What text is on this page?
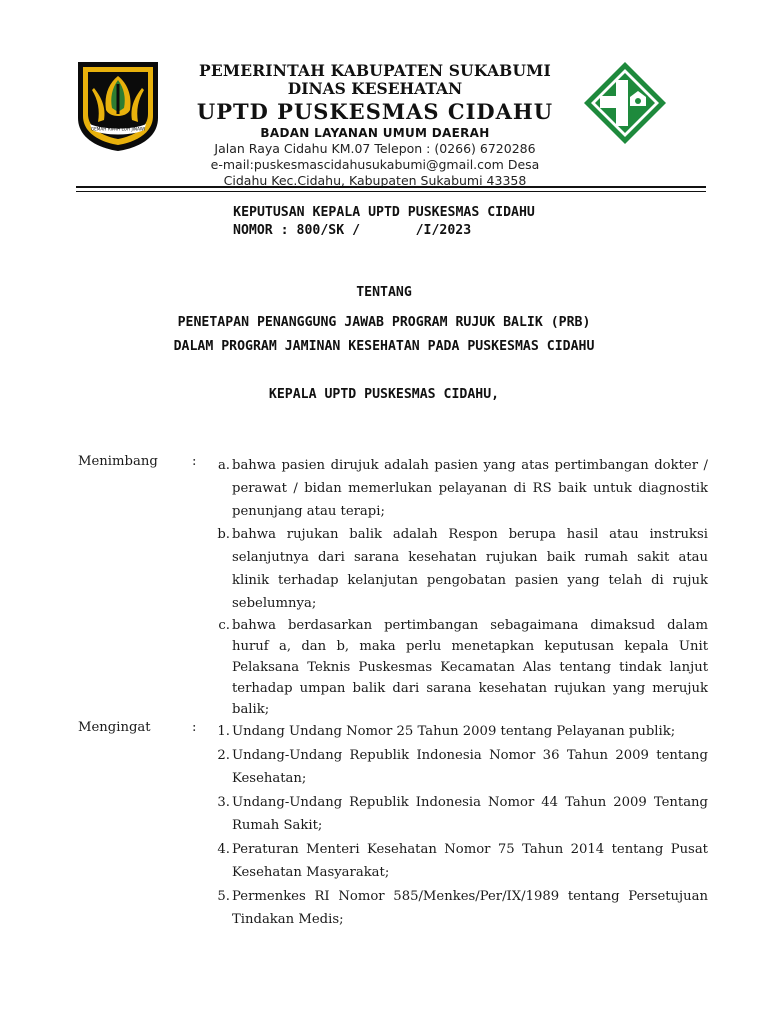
GEMAH RIPAH LOH JINAWI
PEMERINTAH KABUPATEN SUKABUMI
DINAS KESEHATAN
UPTD PUSKESMAS CIDAHU
BADAN LAYANAN UMUM DAERAH
Jalan Raya Cidahu KM.07 Telepon : (0266) 6720286
e-mail:puskesmascidahusukabumi@gmail.com Desa
Cidahu Kec.Cidahu, Kabupaten Sukabumi 43358
KEPUTUSAN KEPALA UPTD PUSKESMAS CIDAHU
NOMOR : 800/SK /       /I/2023
TENTANG
PENETAPAN PENANGGUNG JAWAB PROGRAM RUJUK BALIK (PRB)
DALAM PROGRAM JAMINAN KESEHATAN PADA PUSKESMAS CIDAHU
KEPALA UPTD PUSKESMAS CIDAHU,
Menimbang	:	a. bahwa pasien dirujuk adalah pasien yang atas pertimbangan dokter / perawat / bidan memerlukan pelayanan di RS baik untuk diagnostik penunjang atau terapi;
b. bahwa rujukan balik adalah Respon berupa hasil atau instruksi selanjutnya dari sarana kesehatan rujukan baik rumah sakit atau klinik terhadap kelanjutan pengobatan pasien yang telah di rujuk sebelumnya;
c. bahwa berdasarkan pertimbangan sebagaimana dimaksud dalam huruf a, dan b, maka perlu menetapkan keputusan kepala Unit Pelaksana Teknis Puskesmas Kecamatan Alas tentang tindak lanjut terhadap umpan balik dari sarana kesehatan rujukan yang merujuk balik;
Mengingat	:	1. Undang Undang Nomor 25 Tahun 2009 tentang Pelayanan publik;
2. Undang-Undang Republik Indonesia Nomor 36 Tahun 2009 tentang Kesehatan;
3. Undang-Undang Republik Indonesia Nomor 44 Tahun 2009 Tentang Rumah Sakit;
4. Peraturan Menteri Kesehatan Nomor 75 Tahun 2014 tentang Pusat Kesehatan Masyarakat;
5. Permenkes RI Nomor 585/Menkes/Per/IX/1989 tentang Persetujuan Tindakan Medis;
